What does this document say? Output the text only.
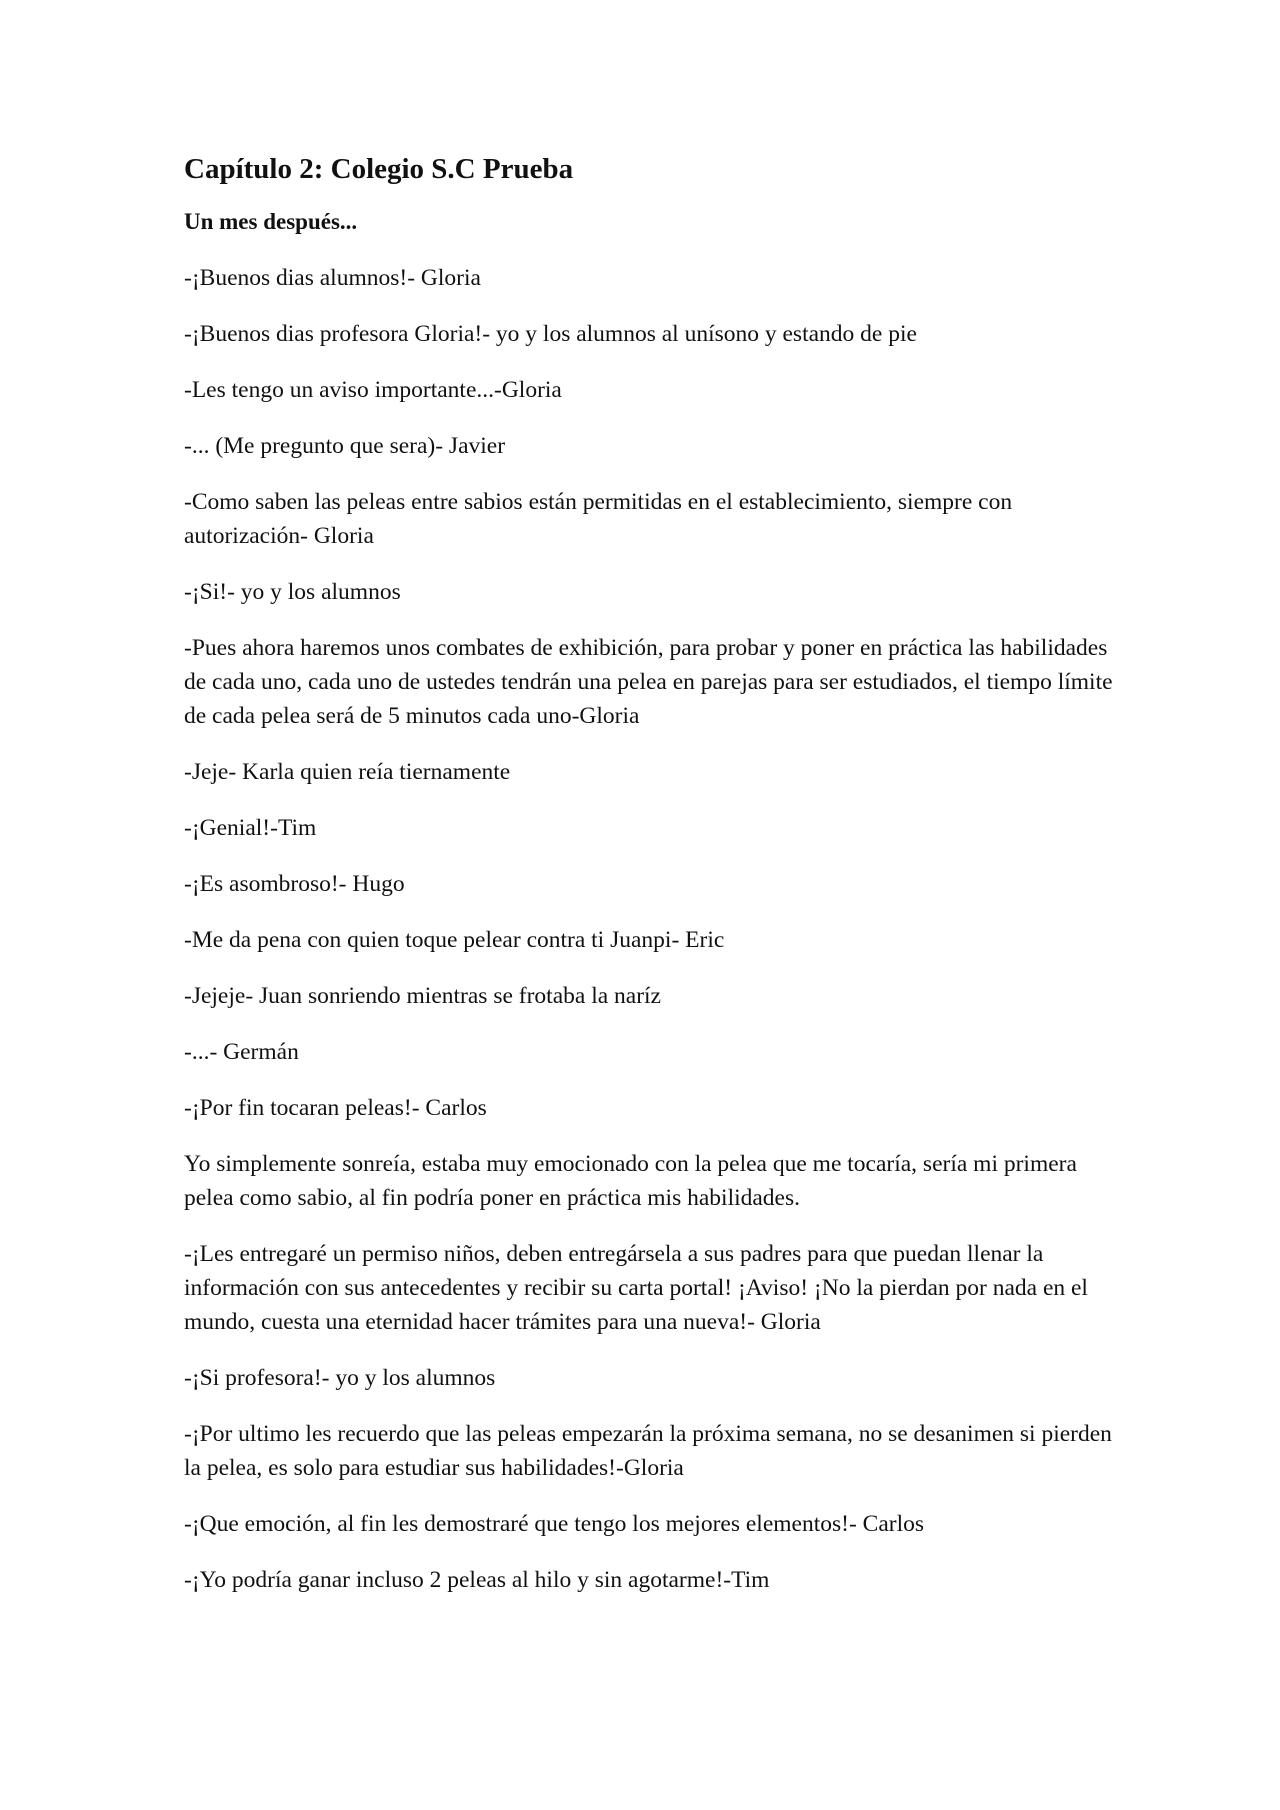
Capítulo 2: Colegio S.C Prueba

Un mes después...

-¡Buenos dias alumnos!- Gloria

-¡Buenos dias profesora Gloria!- yo y los alumnos al unísono y estando de pie

-Les tengo un aviso importante...-Gloria

-... (Me pregunto que sera)- Javier

-Como saben las peleas entre sabios están permitidas en el establecimiento, siempre con autorización- Gloria

-¡Si!- yo y los alumnos

-Pues ahora haremos unos combates de exhibición, para probar y poner en práctica las habilidades de cada uno, cada uno de ustedes tendrán una pelea en parejas para ser estudiados, el tiempo límite de cada pelea será de 5 minutos cada uno-Gloria

-Jeje- Karla quien reía tiernamente

-¡Genial!-Tim

-¡Es asombroso!- Hugo

-Me da pena con quien toque pelear contra ti Juanpi- Eric

-Jejeje- Juan sonriendo mientras se frotaba la naríz

-...- Germán

-¡Por fin tocaran peleas!- Carlos

Yo simplemente sonreía, estaba muy emocionado con la pelea que me tocaría, sería mi primera pelea como sabio, al fin podría poner en práctica mis habilidades.

-¡Les entregaré un permiso niños, deben entregársela a sus padres para que puedan llenar la información con sus antecedentes y recibir su carta portal! ¡Aviso! ¡No la pierdan por nada en el mundo, cuesta una eternidad hacer trámites para una nueva!- Gloria

-¡Si profesora!- yo y los alumnos

-¡Por ultimo les recuerdo que las peleas empezarán la próxima semana, no se desanimen si pierden la pelea, es solo para estudiar sus habilidades!-Gloria

-¡Que emoción, al fin les demostraré que tengo los mejores elementos!- Carlos

-¡Yo podría ganar incluso 2 peleas al hilo y sin agotarme!-Tim
